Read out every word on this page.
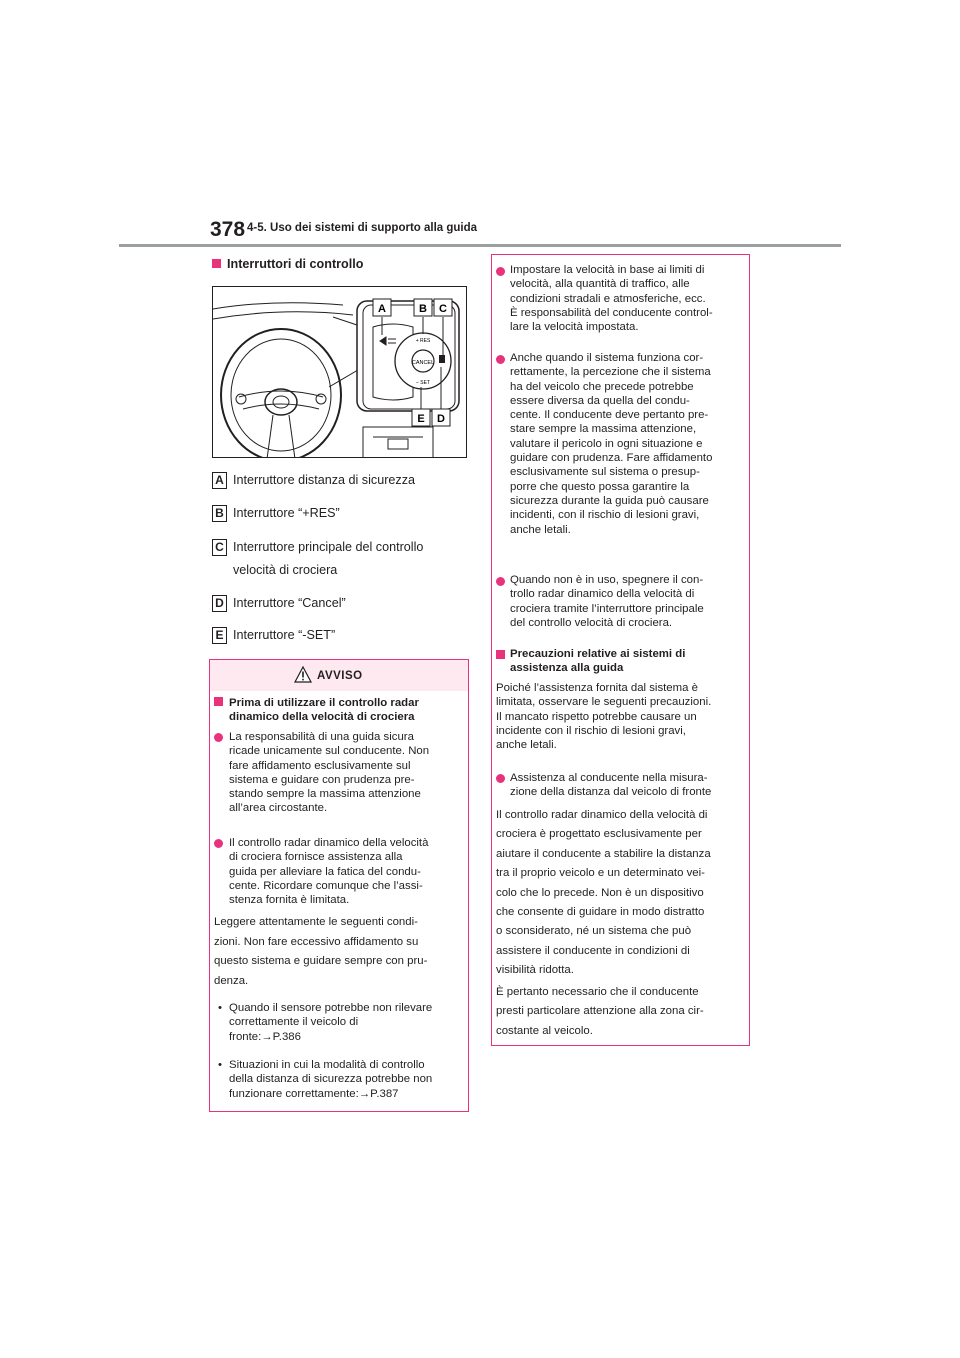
378 4-5. Uso dei sistemi di supporto alla guida
Interruttori di controllo
CANCEL
+ RES
− SET
A	B C
E D
A Interruttore distanza di sicurezza
B Interruttore “+RES”
C Interruttore principale del controllo
velocità di crociera
D Interruttore “Cancel”
E Interruttore “-SET”
AVVISO
Prima di utilizzare il controllo radar
dinamico della velocità di crociera
La responsabilità di una guida sicura
ricade unicamente sul conducente. Non
fare affidamento esclusivamente sul
sistema e guidare con prudenza pre-
stando sempre la massima attenzione
all’area circostante.
Il controllo radar dinamico della velocità
di crociera fornisce assistenza alla
guida per alleviare la fatica del condu-
cente. Ricordare comunque che l’assi-
stenza fornita è limitata.
Leggere attentamente le seguenti condi-
zioni. Non fare eccessivo affidamento su
questo sistema e guidare sempre con pru-
denza.
• Quando il sensore potrebbe non rilevare
correttamente il veicolo di
fronte:→P.386
• Situazioni in cui la modalità di controllo
della distanza di sicurezza potrebbe non
funzionare correttamente:→P.387
Impostare la velocità in base ai limiti di
velocità, alla quantità di traffico, alle
condizioni stradali e atmosferiche, ecc.
È responsabilità del conducente control-
lare la velocità impostata.
Anche quando il sistema funziona cor-
rettamente, la percezione che il sistema
ha del veicolo che precede potrebbe
essere diversa da quella del condu-
cente. Il conducente deve pertanto pre-
stare sempre la massima attenzione,
valutare il pericolo in ogni situazione e
guidare con prudenza. Fare affidamento
esclusivamente sul sistema o presup-
porre che questo possa garantire la
sicurezza durante la guida può causare
incidenti, con il rischio di lesioni gravi,
anche letali.
Quando non è in uso, spegnere il con-
trollo radar dinamico della velocità di
crociera tramite l’interruttore principale
del controllo velocità di crociera.
Precauzioni relative ai sistemi di
assistenza alla guida
Poiché l’assistenza fornita dal sistema è
limitata, osservare le seguenti precauzioni.
Il mancato rispetto potrebbe causare un
incidente con il rischio di lesioni gravi,
anche letali.
Assistenza al conducente nella misura-
zione della distanza dal veicolo di fronte
Il controllo radar dinamico della velocità di
crociera è progettato esclusivamente per
aiutare il conducente a stabilire la distanza
tra il proprio veicolo e un determinato vei-
colo che lo precede. Non è un dispositivo
che consente di guidare in modo distratto
o sconsiderato, né un sistema che può
assistere il conducente in condizioni di
visibilità ridotta.
È pertanto necessario che il conducente
presti particolare attenzione alla zona cir-
costante al veicolo.
